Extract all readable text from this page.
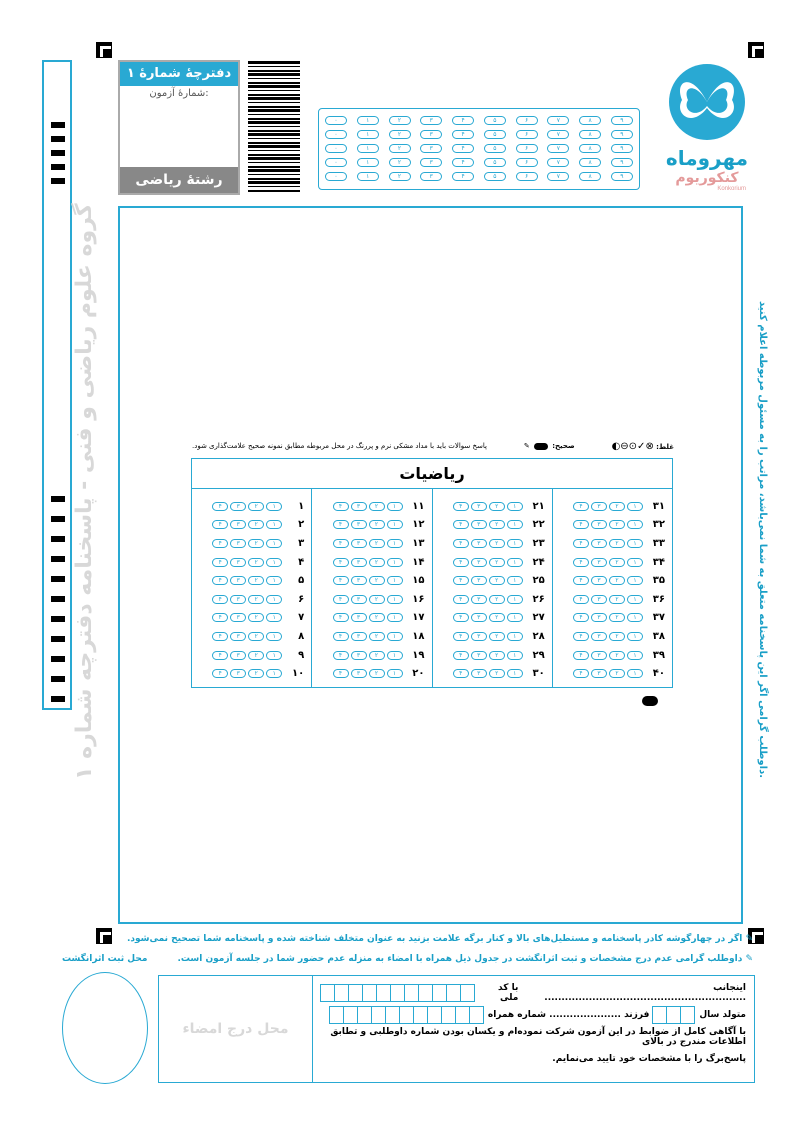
دفترچهٔ شمارهٔ ۱
شمارهٔ آزمون:
رشتهٔ ریاضی
۰	۱	۲	۳	۴	۵	۶	۷	۸	۹
۰	۱	۲	۳	۴	۵	۶	۷	۸	۹
۰	۱	۲	۳	۴	۵	۶	۷	۸	۹
۰	۱	۲	۳	۴	۵	۶	۷	۸	۹
۰	۱	۲	۳	۴	۵	۶	۷	۸	۹
مهروماه
کنکوریوم
Konkorium
گروه علوم ریاضی و فنی - پاسخنامه دفترچه شماره ۱	داوطلب گرامی اگر این پاسخنامه متعلق به شما نمی‌باشد، مراتب را به مسئول مربوطه اعلام کنید.
غلط: ⊗✓⊙⊖◐
صحیح:  ✎
پاسخ سوالات باید با مداد مشکی نرم و پررنگ در محل مربوطه مطابق نمونه صحیح علامت‌گذاری شود.
ریاضیات
۴	۳	۲	۱	۱
۴	۳	۲	۱	۲
۴	۳	۲	۱	۳
۴	۳	۲	۱	۴
۴	۳	۲	۱	۵
۴	۳	۲	۱	۶
۴	۳	۲	۱	۷
۴	۳	۲	۱	۸
۴	۳	۲	۱	۹
۴	۳	۲	۱	۱۰
۴	۳	۲	۱	۱۱
۴	۳	۲	۱	۱۲
۴	۳	۲	۱	۱۳
۴	۳	۲	۱	۱۴
۴	۳	۲	۱	۱۵
۴	۳	۲	۱	۱۶
۴	۳	۲	۱	۱۷
۴	۳	۲	۱	۱۸
۴	۳	۲	۱	۱۹
۴	۳	۲	۱	۲۰
۴	۳	۲	۱	۲۱
۴	۳	۲	۱	۲۲
۴	۳	۲	۱	۲۳
۴	۳	۲	۱	۲۴
۴	۳	۲	۱	۲۵
۴	۳	۲	۱	۲۶
۴	۳	۲	۱	۲۷
۴	۳	۲	۱	۲۸
۴	۳	۲	۱	۲۹
۴	۳	۲	۱	۳۰
۴	۳	۲	۱	۳۱
۴	۳	۲	۱	۳۲
۴	۳	۲	۱	۳۳
۴	۳	۲	۱	۳۴
۴	۳	۲	۱	۳۵
۴	۳	۲	۱	۳۶
۴	۳	۲	۱	۳۷
۴	۳	۲	۱	۳۸
۴	۳	۲	۱	۳۹
۴	۳	۲	۱	۴۰
✎ اگر در چهارگوشه کادر پاسخنامه و مستطیل‌های بالا و کنار برگه علامت بزنید به عنوان متخلف شناخته شده و پاسخنامه شما تصحیح نمی‌شود.
✎ داوطلب گرامی عدم درج مشخصات و ثبت اثرانگشت در جدول ذیل همراه با امضاء به منزله عدم حضور شما در جلسه آزمون است.
محل ثبت اثرانگشت
محل درج امضاء
اینجانب ...........................................................
با کد ملی
متولد سال
فرزند ..................... شماره همراه
با آگاهی کامل از ضوابط در این آزمون شرکت نموده‌ام و یکسان بودن شماره داوطلبی و تطابق اطلاعات مندرج در بالای
پاسخ‌برگ را با مشخصات خود تایید می‌نمایم.
